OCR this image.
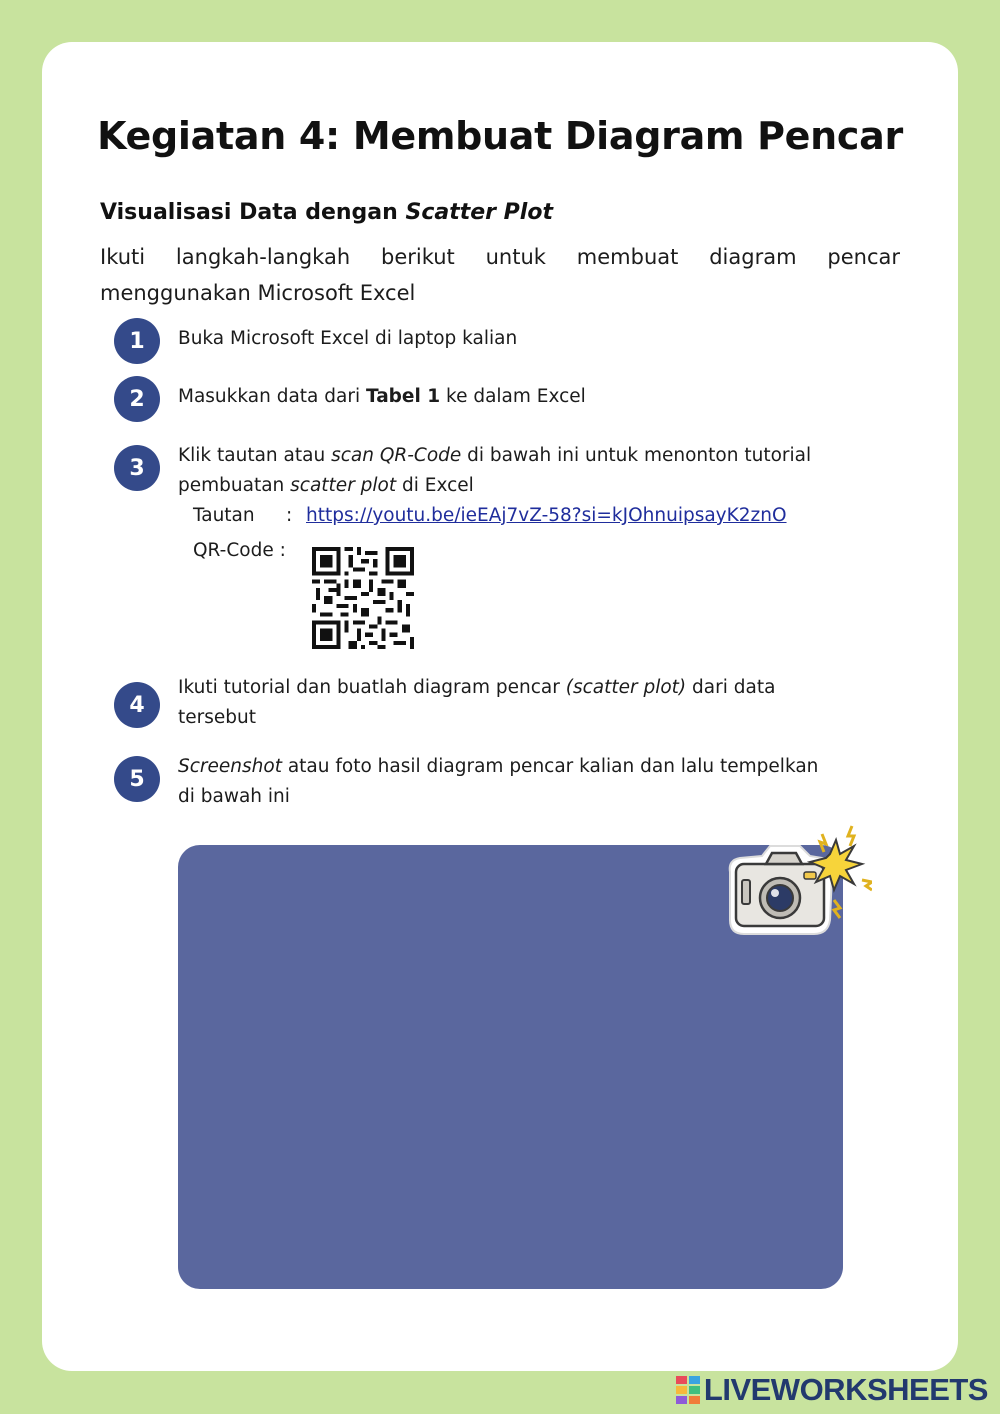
Kegiatan 4: Membuat Diagram Pencar
Visualisasi Data dengan Scatter Plot
Ikuti langkah-langkah berikut untuk membuat diagram pencar menggunakan Microsoft Excel
1	Buka Microsoft Excel di laptop kalian
2	Masukkan data dari Tabel 1 ke dalam Excel
3	Klik tautan atau scan QR-Code di bawah ini untuk menonton tutorial
pembuatan scatter plot di Excel
Tautan : https://youtu.be/ieEAj7vZ-58?si=kJOhnuipsayK2znO
QR-Code :
4
Ikuti tutorial dan buatlah diagram pencar (scatter plot) dari data
tersebut
5	Screenshot atau foto hasil diagram pencar kalian dan lalu tempelkan
di bawah ini
LIVEWORKSHEETS
